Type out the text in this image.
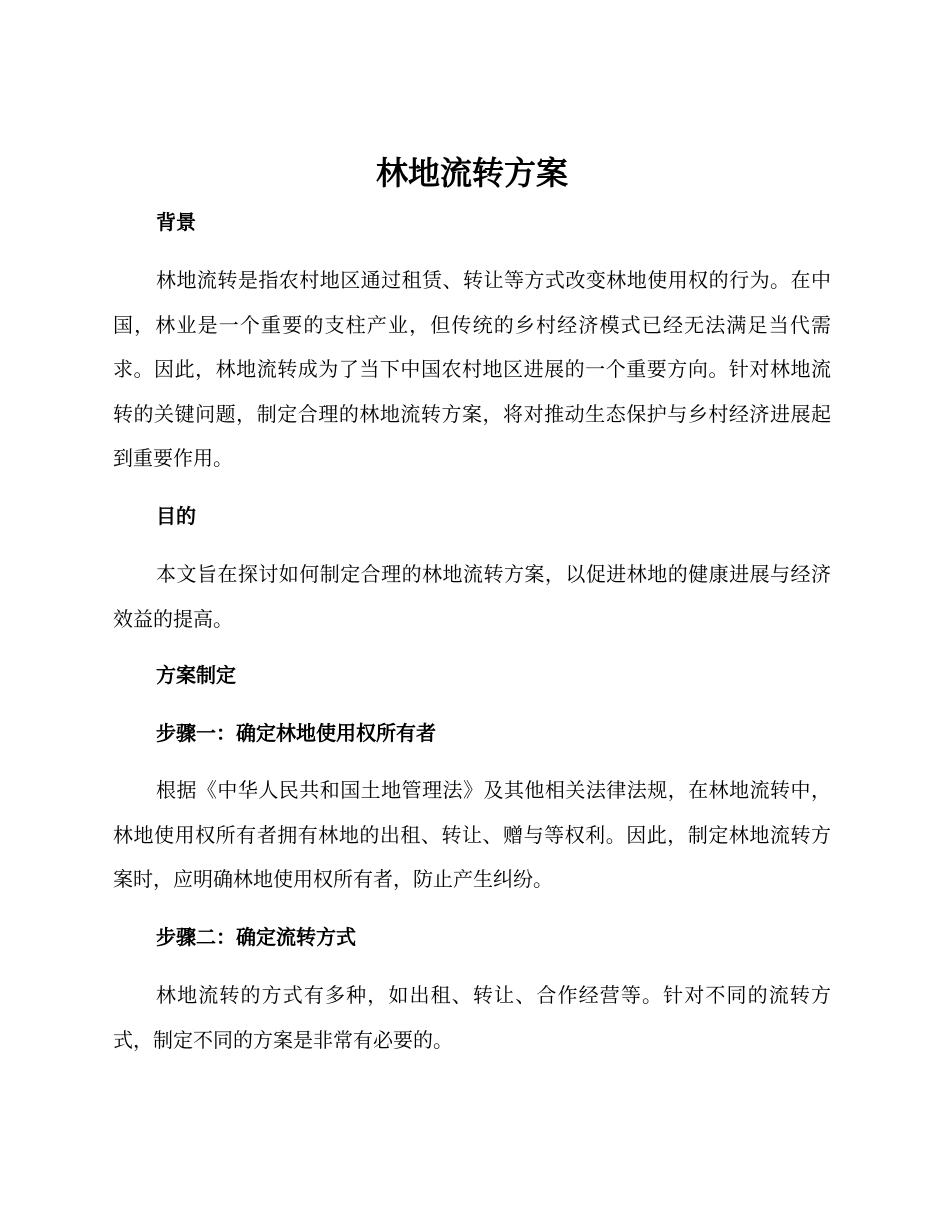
林地流转方案
背景

林地流转是指农村地区通过租赁、转让等方式改变林地使用权的行为。在中国，林业是一个重要的支柱产业，但传统的乡村经济模式已经无法满足当代需求。因此，林地流转成为了当下中国农村地区进展的一个重要方向。针对林地流转的关键问题，制定合理的林地流转方案，将对推动生态保护与乡村经济进展起到重要作用。

目的

本文旨在探讨如何制定合理的林地流转方案，以促进林地的健康进展与经济效益的提高。

方案制定
步骤一：确定林地使用权所有者

根据《中华人民共和国土地管理法》及其他相关法律法规，在林地流转中，林地使用权所有者拥有林地的出租、转让、赠与等权利。因此，制定林地流转方案时，应明确林地使用权所有者，防止产生纠纷。

步骤二：确定流转方式

林地流转的方式有多种，如出租、转让、合作经营等。针对不同的流转方式，制定不同的方案是非常有必要的。
